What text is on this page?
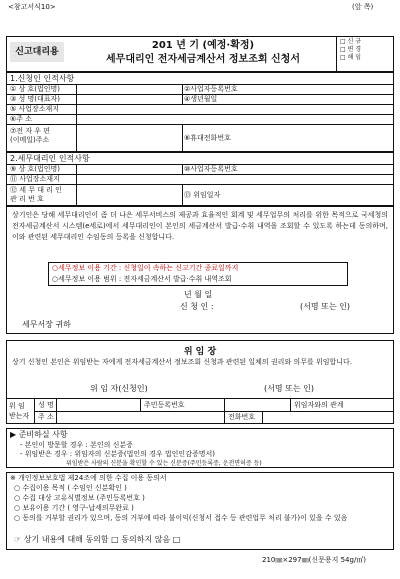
<참고서식10>	(앞 쪽)
신고대리용
201 년 기 (예정·확정)
세무대리인 전자세금계산서 정보조회 신청서
□ 신 규
□ 변 경
□ 해 임
1.신청인 인적사항
① 상 호(법인명)	②사업자등록번호
③ 성 명(대표자)	④생년월일
⑤ 사업장소재지
⑥주 소
⑦전 자 우 편
(이메일)주소	⑧휴대전화번호
2.세무대리인 인적사항
⑨ 상 호(법인명)	⑩사업자등록번호
⑪ 사업장소재지
⑫ 세 무 대 리 인
관 리 번 호	⑬ 위임일자
상기인은 당해 세무대리인이 좀 더 나은 세무서비스의 제공과 효율적인 회계 및 세무업무의 처리를 위한 목적으로 국세청의 전자세금계산서 시스템(e세로)에서 세무대리인이 본인의 세금계산서 발급·수취 내역을 조회할 수 있도록 하는데 동의하며, 이와 관련된 세무대리인 수임동의 등록을 신청합니다.
○세무정보 이용 기간 : 신청일이 속하는 신고기간 종료일까지
○세무정보 이용 범위 : 전자세금계산서 발급·수취 내역조회
년 월 일
신 청 인 :	(서명 또는 인)
세무서장 귀하
위 임 장
상기 신청인 본인은 위임받는 자에게 전자세금계산서 정보조회 신청과 관련된 일체의 권리와 의무를 위임합니다.
위 임 자(신청인)	(서명 또는 인)
위 임
받는자
성 명	주민등록번호	위임자와의 관계
주 소	전화번호
▶ 준비하실 사항
- 본인이 방문할 경우 : 본인의 신분증
- 위임받은 경우 : 위임자의 신분증(법인의 경우 법인인감증명서)
위임받은 사람의 신분을 확인할 수 있는 신분증(주민등록증, 운전면허증 등)
※ 개인정보보호법 제24조에 의한 수집 이용 동의서
○ 수집이용 목적 ( 수임인 신분확인 )
○ 수집 대상 고유식별정보 (주민등록번호 )
○ 보유이용 기간 ( 영구-납세의무완료 )
○ 동의를 거부할 권리가 있으며, 동의 거부에 따라 불이익(신청서 접수 등 관련업무 처리 불가)이 있을 수 있음
☞ 상기 내용에 대해 동의함 □ 동의하지 않음 □
210㎜×297㎜(신문용지 54g/㎡)
